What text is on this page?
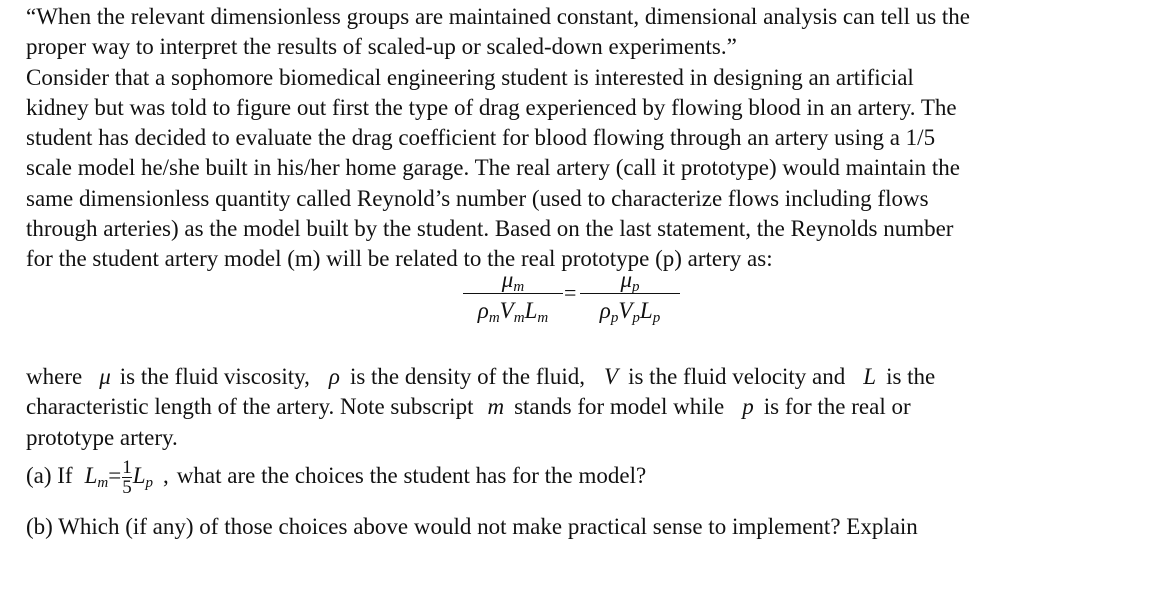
“When the relevant dimensionless groups are maintained constant, dimensional analysis can tell us the
proper way to interpret the results of scaled-up or scaled-down experiments.”
Consider that a sophomore biomedical engineering student is interested in designing an artificial
kidney but was told to figure out first the type of drag experienced by flowing blood in an artery. The
student has decided to evaluate the drag coefficient for blood flowing through an artery using a 1/5
scale model he/she built in his/her home garage. The real artery (call it prototype) would maintain the
same dimensionless quantity called Reynold’s number (used to characterize flows including flows
through arteries) as the model built by the student. Based on the last statement, the Reynolds number
for the student artery model (m) will be related to the real prototype (p) artery as:
$\mu_m$
$\rho_mV_mL_m$
=
$\mu_p$
$\rho_pV_pL_p$
where μ is the fluid viscosity, ρ is the density of the fluid, V is the fluid velocity and L is the
characteristic length of the artery. Note subscript m stands for model while p is for the real or
prototype artery.
(a) If $L_m= \frac{1}{5} L_p$ , what are the choices the student has for the model?
(b) Which (if any) of those choices above would not make practical sense to implement? Explain
